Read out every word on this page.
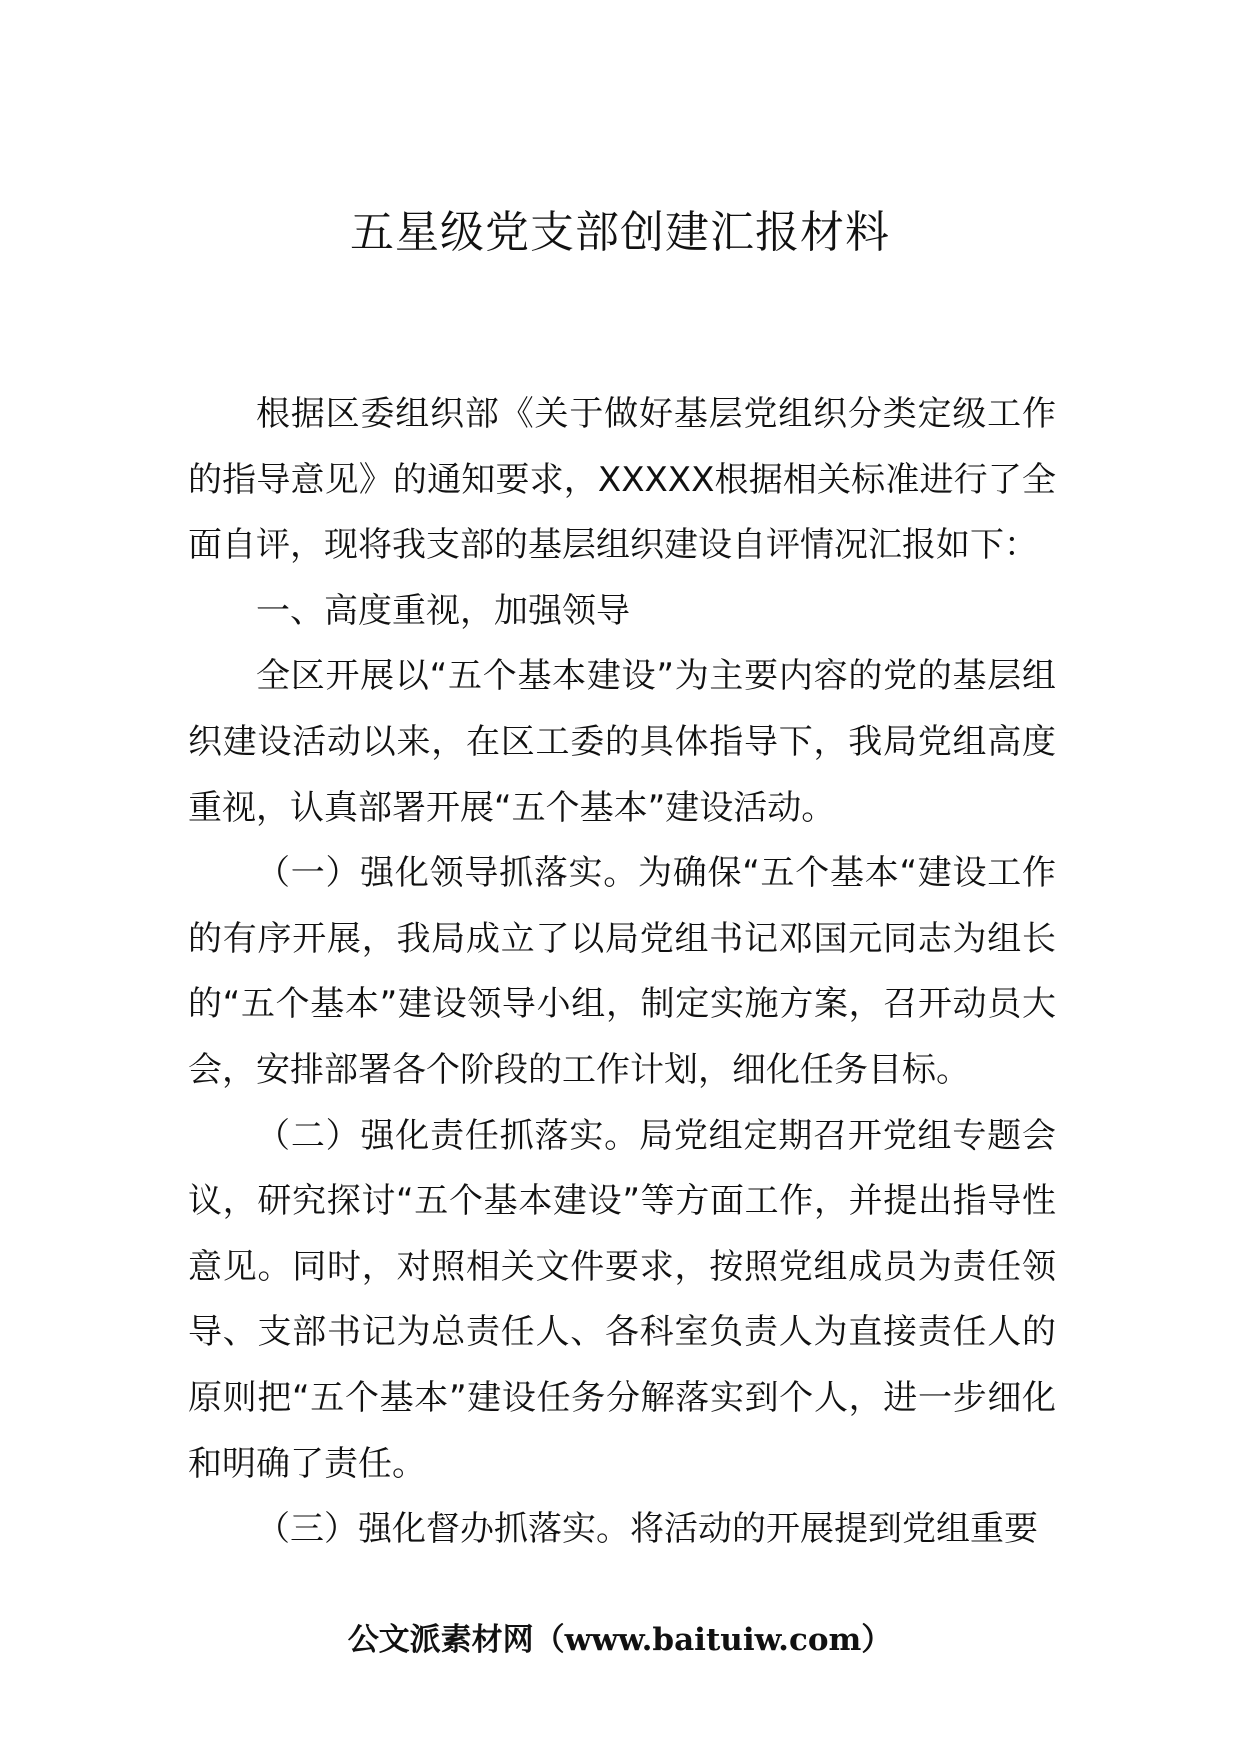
五星级党支部创建汇报材料

根据区委组织部《关于做好基层党组织分类定级工作的指导意见》的通知要求，XXXXX根据相关标准进行了全面自评，现将我支部的基层组织建设自评情况汇报如下：

一、高度重视，加强领导

全区开展以“五个基本建设”为主要内容的党的基层组织建设活动以来，在区工委的具体指导下，我局党组高度重视，认真部署开展“五个基本”建设活动。

（一）强化领导抓落实。为确保“五个基本“建设工作的有序开展，我局成立了以局党组书记邓国元同志为组长的“五个基本”建设领导小组，制定实施方案，召开动员大会，安排部署各个阶段的工作计划，细化任务目标。

（二）强化责任抓落实。局党组定期召开党组专题会议，研究探讨“五个基本建设”等方面工作，并提出指导性意见。同时，对照相关文件要求，按照党组成员为责任领导、支部书记为总责任人、各科室负责人为直接责任人的原则把“五个基本”建设任务分解落实到个人，进一步细化和明确了责任。

（三）强化督办抓落实。将活动的开展提到党组重要

公文派素材网（www.baituiw.com）
